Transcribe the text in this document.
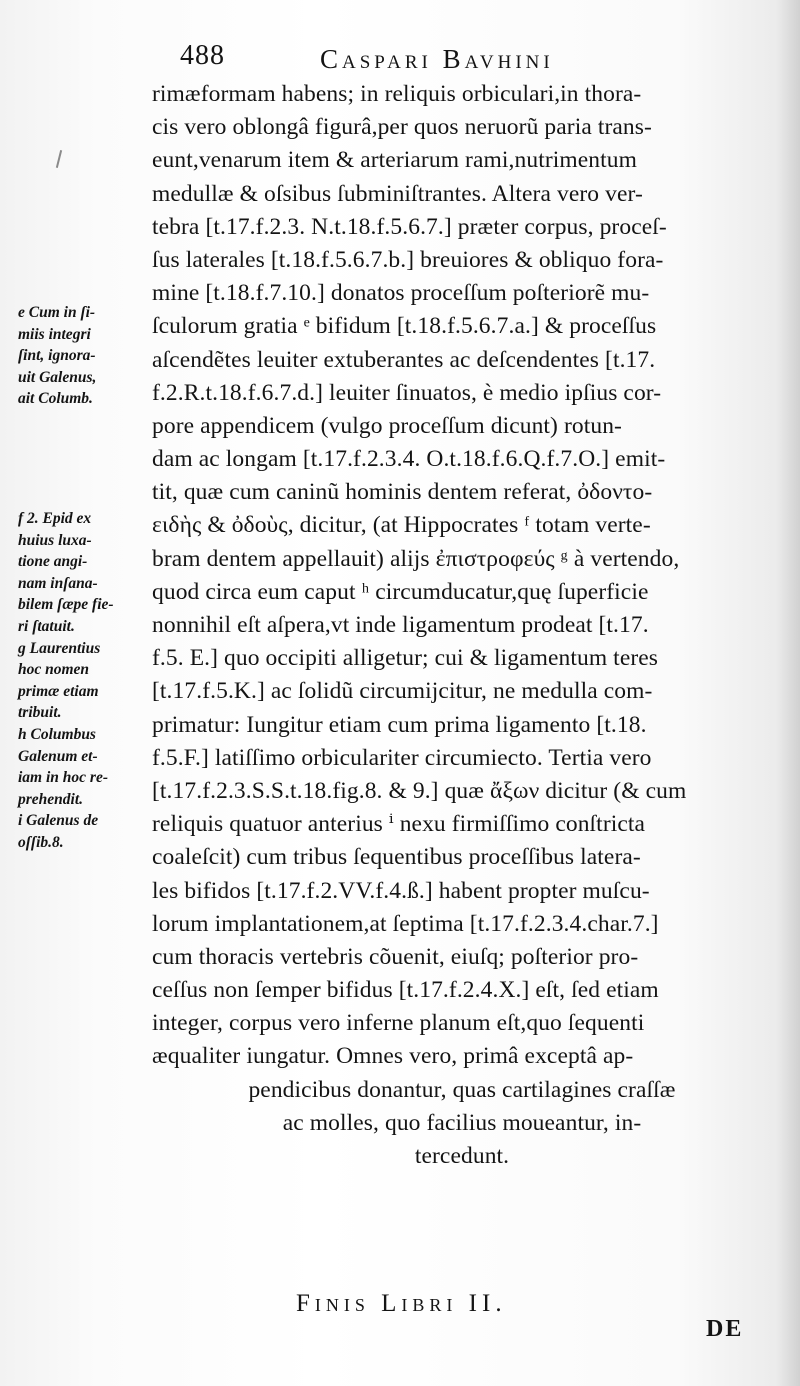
488	Caspari Bavhini
rimæformam habens; in reliquis orbiculari,in thora-
cis vero oblongâ figurâ,per quos neruorũ paria trans-
eunt,venarum item & arteriarum rami,nutrimentum
medullæ & oſsibus ſubminiſtrantes. Altera vero ver-
tebra [t.17.f.2.3. N.t.18.f.5.6.7.] præter corpus, proceſ-
ſus laterales [t.18.f.5.6.7.b.] breuiores & obliquo fora-
mine [t.18.f.7.10.] donatos proceſſum poſteriorẽ mu-
ſculorum gratia ᵉ bifidum [t.18.f.5.6.7.a.] & proceſſus
aſcendẽtes leuiter extuberantes ac deſcendentes [t.17.
f.2.R.t.18.f.6.7.d.] leuiter ſinuatos, è medio ipſius cor-
pore appendicem (vulgo proceſſum dicunt) rotun-
dam ac longam [t.17.f.2.3.4. O.t.18.f.6.Q.f.7.O.] emit-
tit, quæ cum caninũ hominis dentem referat, ὀδοντο-
ειδὴς & ὀδοὺς, dicitur, (at Hippocrates ᶠ totam verte-
bram dentem appellauit) alijs ἐπιστροφεύς ᵍ à vertendo,
quod circa eum caput ʰ circumducatur,quę ſuperficie
nonnihil eſt aſpera,vt inde ligamentum prodeat [t.17.
f.5. E.] quo occipiti alligetur; cui & ligamentum teres
[t.17.f.5.K.] ac ſolidũ circumijcitur, ne medulla com-
primatur: Iungitur etiam cum prima ligamento [t.18.
f.5.F.] latiſſimo orbiculariter circumiecto. Tertia vero
[t.17.f.2.3.S.S.t.18.fig.8. & 9.] quæ ἄξων dicitur (& cum
reliquis quatuor anterius ⁱ nexu firmiſſimo conſtricta
coaleſcit) cum tribus ſequentibus proceſſibus latera-
les bifidos [t.17.f.2.VV.f.4.ß.] habent propter muſcu-
lorum implantationem,at ſeptima [t.17.f.2.3.4.char.7.]
cum thoracis vertebris cõuenit, eiuſq; poſterior pro-
ceſſus non ſemper bifidus [t.17.f.2.4.X.] eſt, ſed etiam
integer, corpus vero inferne planum eſt,quo ſequenti
æqualiter iungatur. Omnes vero, primâ exceptâ ap-
pendicibus donantur, quas cartilagines craſſæ
ac molles, quo facilius moueantur, in-
tercedunt.
e Cum in ſi-
miis integri
ſint, ignora-
uit Galenus,
ait Columb.
f 2. Epid ex
huius luxa-
tione angi-
nam inſana-
bilem ſæpe fie-
ri ſtatuit.
g Laurentius
hoc nomen
primæ etiam
tribuit.
h Columbus
Galenum et-
iam in hoc re-
prehendit.
i Galenus de
oſſib.8.
Finis Libri II.
DE
